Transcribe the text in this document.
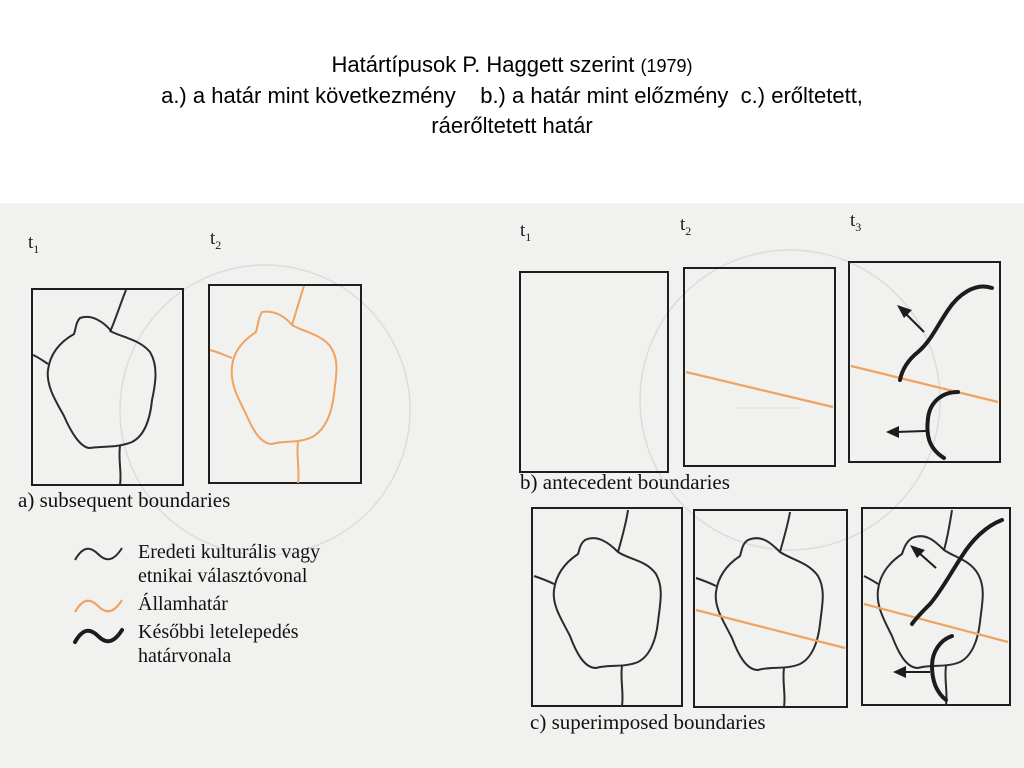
Határtípusok P. Haggett szerint (1979)
a.) a határ mint következmény    b.) a határ mint előzmény  c.) erőltetett,
ráerőltetett határ
$t_1$	$t_2$
$t_1$
$t_2$	$t_3$
a) subsequent boundaries
b) antecedent boundaries
c) superimposed boundaries
Eredeti kulturális vagy
etnikai választóvonal
Államhatár
Későbbi letelepedés
határvonala
